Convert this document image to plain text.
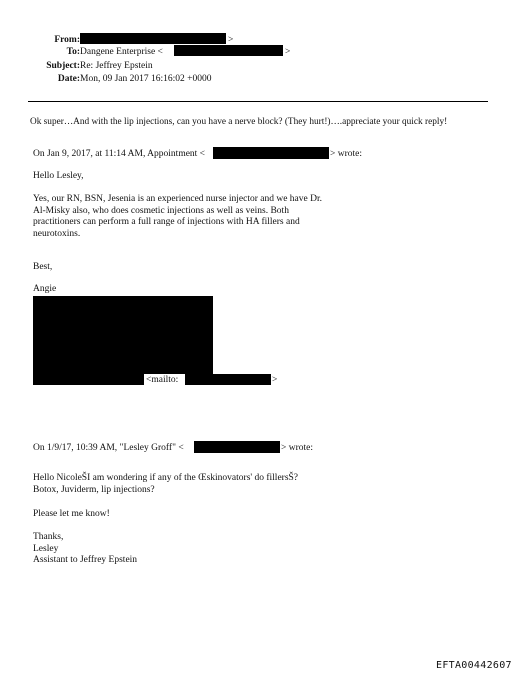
From:	>
To: Dangene Enterprise <	>
Subject: Re: Jeffrey Epstein
Date: Mon, 09 Jan 2017 16:16:02 +0000
Ok super…And with the lip injections, can you have a nerve block? (They hurt!)….appreciate your quick reply!
On Jan 9, 2017, at 11:14 AM, Appointment <	> wrote:
Hello Lesley,
Yes, our RN, BSN, Jesenia is an experienced nurse injector and we have Dr.
Al-Misky also, who does cosmetic injections as well as veins. Both
practitioners can perform a full range of injections with HA fillers and
neurotoxins.
Best,
Angie
<mailto:	>
On 1/9/17, 10:39 AM, "Lesley Groff" <	> wrote:
Hello NicoleŠI am wondering if any of the Œskinovators' do fillersŠ?
Botox, Juviderm, lip injections?
Please let me know!
Thanks,
Lesley
Assistant to Jeffrey Epstein
EFTA00442607
